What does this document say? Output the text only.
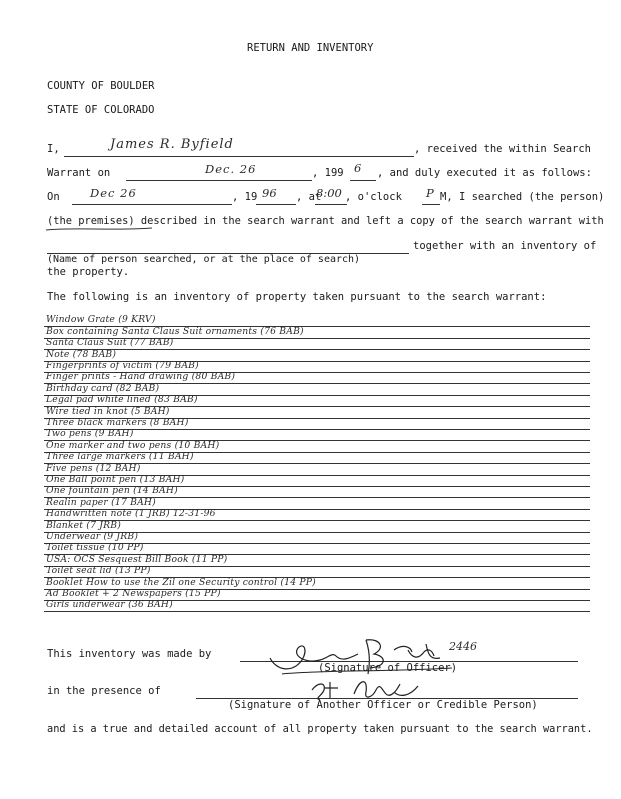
RETURN AND INVENTORY
COUNTY OF BOULDER
STATE OF COLORADO
I,	James R. Byfield	, received the within Search
Warrant on	Dec. 26	, 199 6 , and duly executed it as follows:
On	Dec 26	, 19 96 , at
8:00 , o'clock P M, I searched (the person)
(the premises) described in the search warrant and left a copy of the search warrant with
together with an inventory of
(Name of person searched, or at the place of search)
the property.
The following is an inventory of property taken pursuant to the search warrant:
Window Grate (9 KRV)
Box containing Santa Claus Suit ornaments (76 BAB)
Santa Claus Suit (77 BAB)
Note (78 BAB)
Fingerprints of victim (79 BAB)
Finger prints - Hand drawing (80 BAB)
Birthday card (82 BAB)
Legal pad white lined (83 BAB)
Wire tied in knot (5 BAH)
Three black markers (8 BAH)
Two pens (9 BAH)
One marker and two pens (10 BAH)
Three large markers (11 BAH)
Five pens (12 BAH)
One Ball point pen (13 BAH)
One fountain pen (14 BAH)
Realin paper (17 BAH)
Handwritten note (1 JRB) 12-31-96
Blanket (7 JRB)
Underwear (9 JRB)
Toilet tissue (10 PP)
USA: OCS Sesquest Bill Book (11 PP)
Toilet seat lid (13 PP)
Booklet How to use the Zil one Security control (14 PP)
Ad Booklet + 2 Newspapers (15 PP)
Girls underwear (36 BAH)
This inventory was made by
2446
(Signature of Officer)
in the presence of
(Signature of Another Officer or Credible Person)
and is a true and detailed account of all property taken pursuant to the search warrant.
